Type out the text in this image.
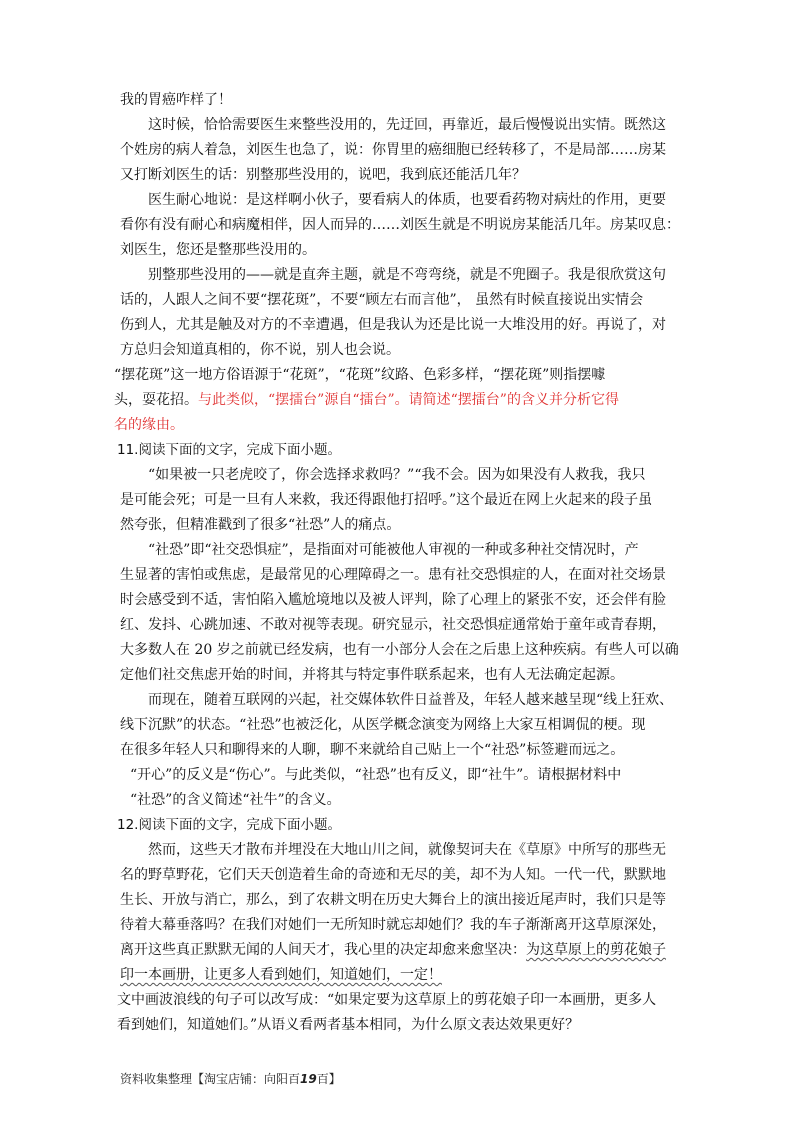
我的胃癌咋样了！
这时候，恰恰需要医生来整些没用的，先迂回，再靠近，最后慢慢说出实情。既然这
个姓房的病人着急，刘医生也急了，说：你胃里的癌细胞已经转移了，不是局部……房某
又打断刘医生的话：别整那些没用的，说吧，我到底还能活几年？
医生耐心地说：是这样啊小伙子，要看病人的体质，也要看药物对病灶的作用，更要
看你有没有耐心和病魔相伴，因人而异的……刘医生就是不明说房某能活几年。房某叹息：
刘医生，您还是整那些没用的。
别整那些没用的——就是直奔主题，就是不弯弯绕，就是不兜圈子。我是很欣赏这句
话的，人跟人之间不要“摆花斑”，不要“顾左右而言他”， 虽然有时候直接说出实情会
伤到人，尤其是触及对方的不幸遭遇，但是我认为还是比说一大堆没用的好。再说了，对
方总归会知道真相的，你不说，别人也会说。
“摆花斑”这一地方俗语源于“花斑”，“花斑”纹路、色彩多样，“摆花斑”则指摆噱
头，耍花招。与此类似，“摆擂台”源自“擂台”。请简述“摆擂台”的含义并分析它得
名的缘由。
11.阅读下面的文字，完成下面小题。
“如果被一只老虎咬了，你会选择求救吗？”“我不会。因为如果没有人救我，我只
是可能会死；可是一旦有人来救，我还得跟他打招呼。”这个最近在网上火起来的段子虽
然夸张，但精准戳到了很多“社恐”人的痛点。
“社恐”即“社交恐惧症”，是指面对可能被他人审视的一种或多种社交情况时，产
生显著的害怕或焦虑，是最常见的心理障碍之一。患有社交恐惧症的人，在面对社交场景
时会感受到不适，害怕陷入尴尬境地以及被人评判，除了心理上的紧张不安，还会伴有脸
红、发抖、心跳加速、不敢对视等表现。研究显示，社交恐惧症通常始于童年或青春期，
大多数人在 20 岁之前就已经发病，也有一小部分人会在之后患上这种疾病。有些人可以确
定他们社交焦虑开始的时间，并将其与特定事件联系起来，也有人无法确定起源。
而现在，随着互联网的兴起，社交媒体软件日益普及，年轻人越来越呈现“线上狂欢、
线下沉默”的状态。“社恐”也被泛化，从医学概念演变为网络上大家互相调侃的梗。现
在很多年轻人只和聊得来的人聊，聊不来就给自己贴上一个“社恐”标签避而远之。
“开心”的反义是“伤心”。与此类似，“社恐”也有反义，即“社牛”。请根据材料中
“社恐”的含义简述“社牛”的含义。
12.阅读下面的文字，完成下面小题。
然而，这些天才散布并埋没在大地山川之间，就像契诃夫在《草原》中所写的那些无
名的野草野花，它们天天创造着生命的奇迹和无尽的美，却不为人知。一代一代，默默地
生长、开放与消亡，那么，到了农耕文明在历史大舞台上的演出接近尾声时，我们只是等
待着大幕垂落吗？在我们对她们一无所知时就忘却她们？我的车子渐渐离开这草原深处，
离开这些真正默默无闻的人间天才，我心里的决定却愈来愈坚决：为这草原上的剪花娘子
印一本画册，让更多人看到她们，知道她们，一定！
文中画波浪线的句子可以改写成：“如果定要为这草原上的剪花娘子印一本画册，更多人
看到她们，知道她们。”从语义看两者基本相同，为什么原文表达效果更好？
资料收集整理【淘宝店铺：向阳百19百】
